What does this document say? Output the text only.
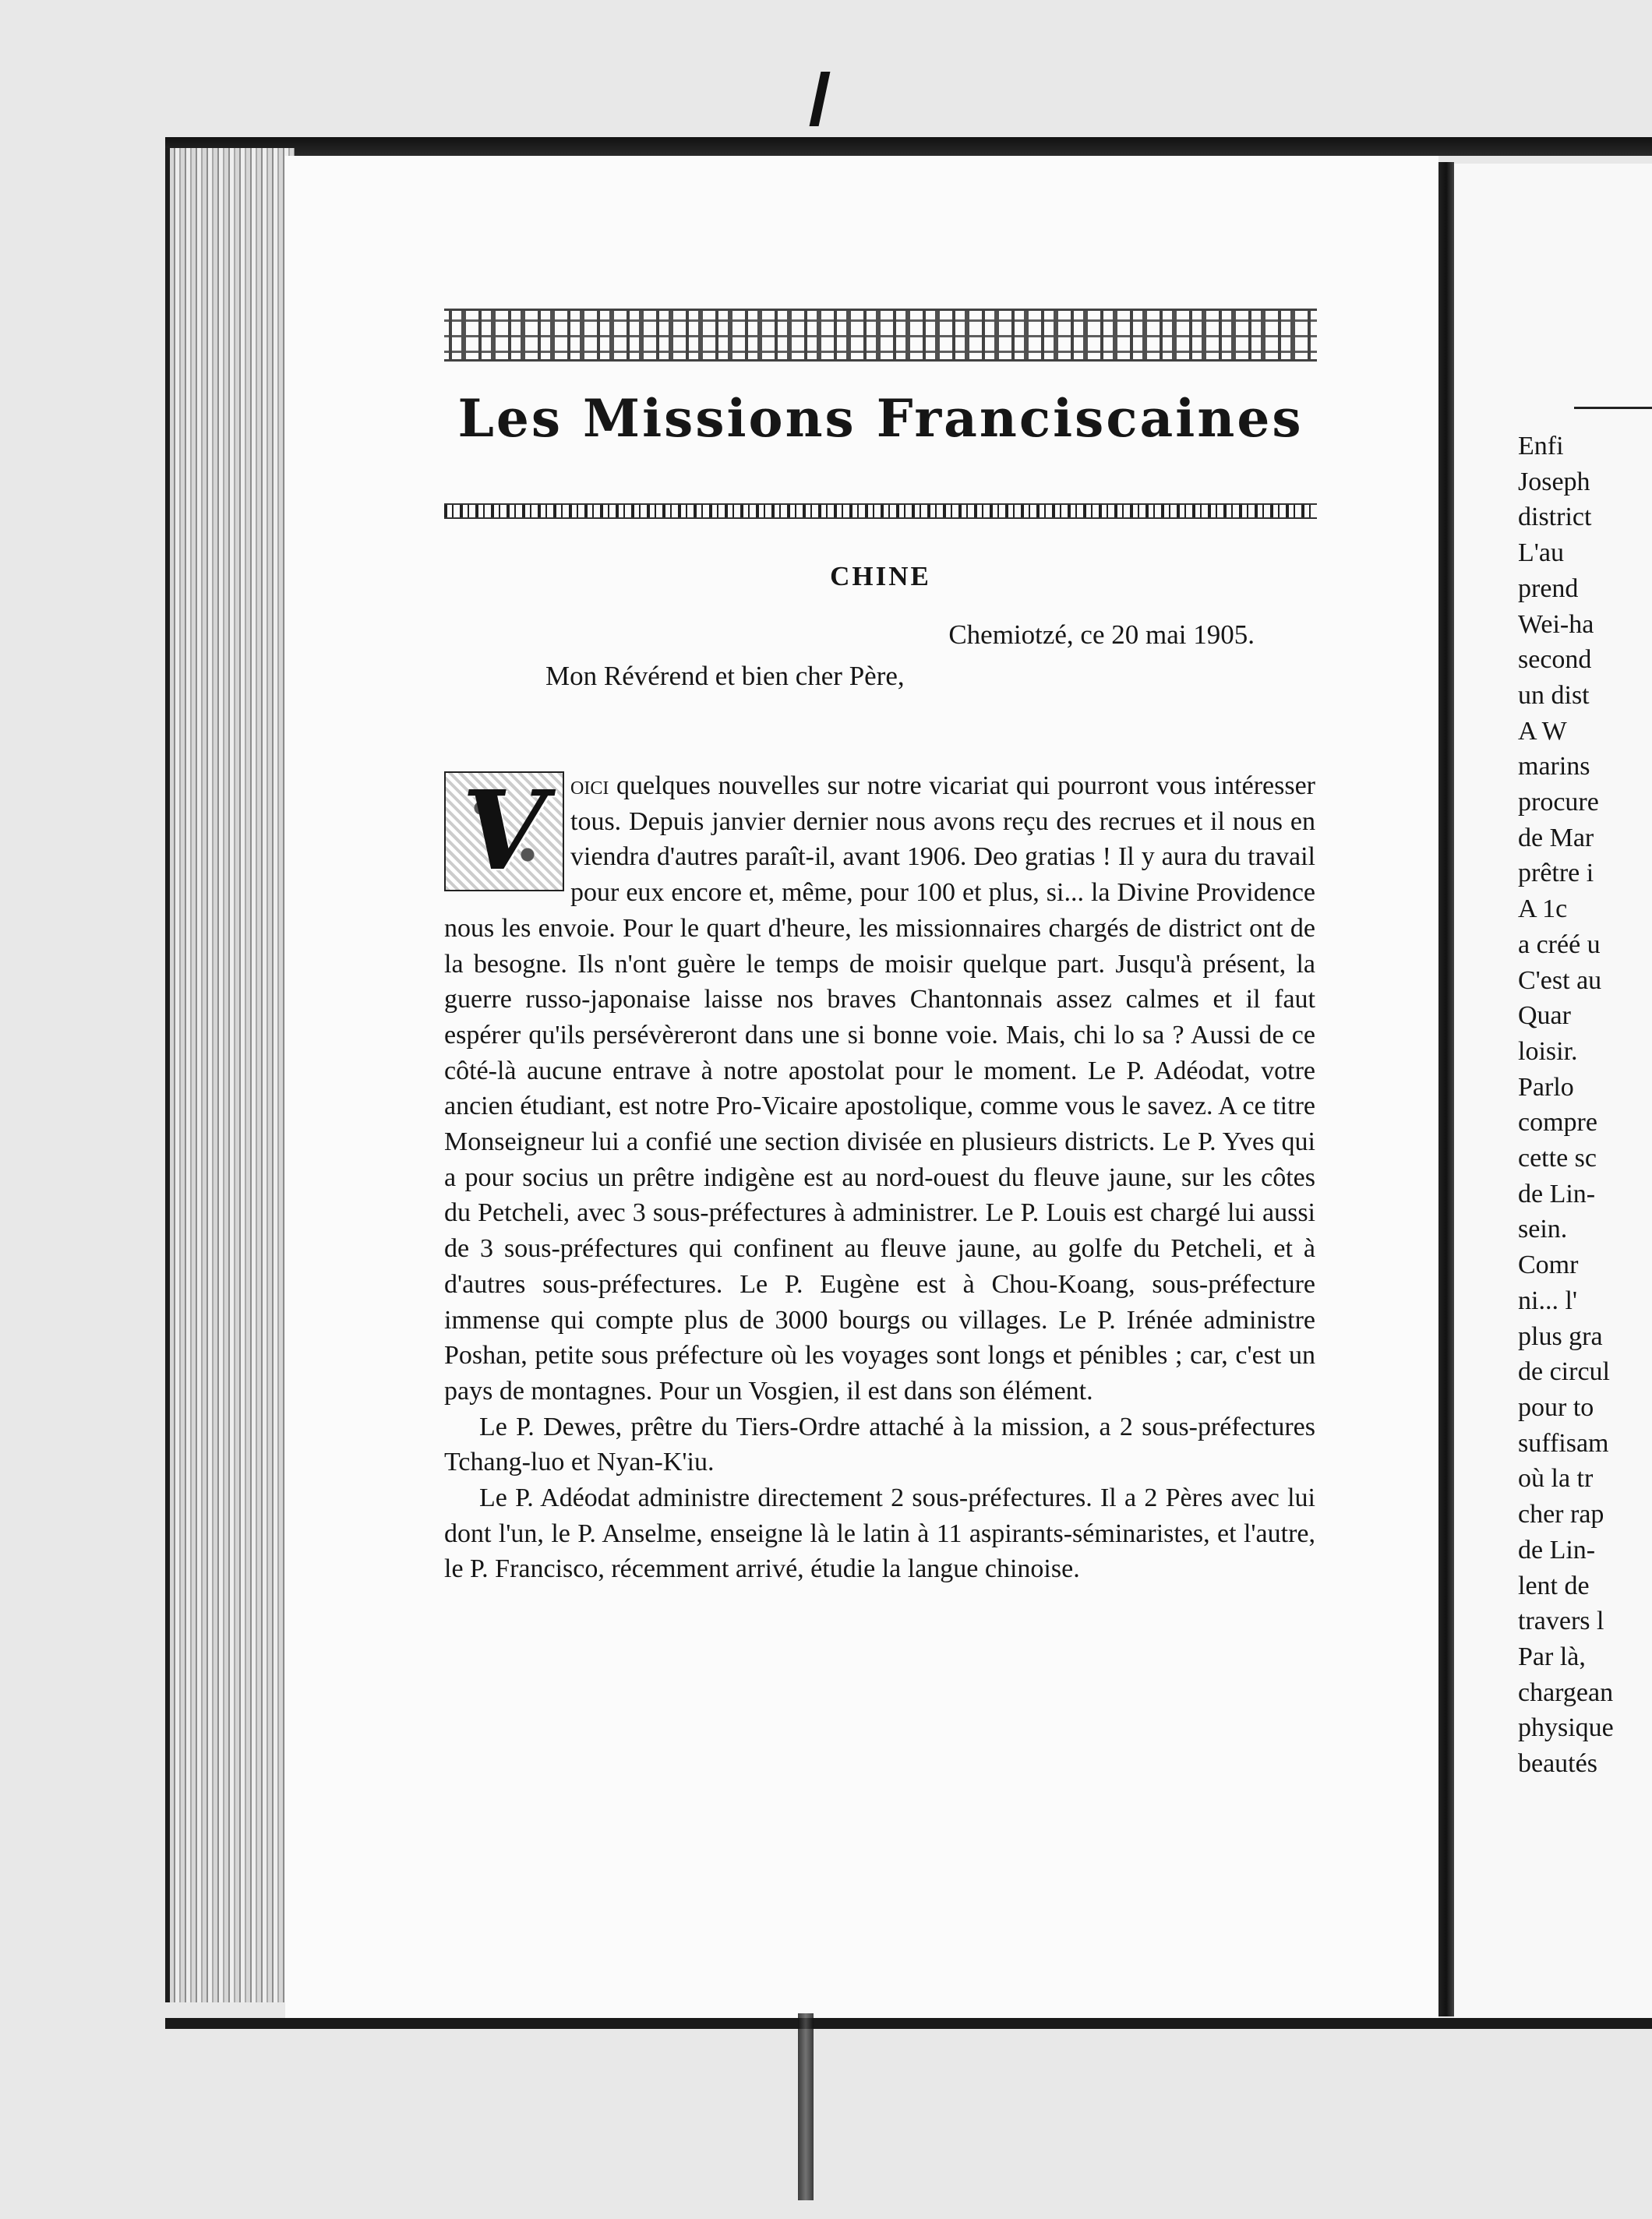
Les Missions Franciscaines
CHINE
Chemiotzé, ce 20 mai 1905.
Mon Révérend et bien cher Père,
V oici quelques nouvelles sur notre vicariat qui pourront vous intéresser tous. Depuis janvier dernier nous avons reçu des recrues et il nous en viendra d'autres paraît-il, avant 1906. Deo gratias ! Il y aura du travail pour eux encore et, même, pour 100 et plus, si... la Divine Providence nous les envoie. Pour le quart d'heure, les missionnaires chargés de district ont de la besogne. Ils n'ont guère le temps de moisir quelque part. Jusqu'à présent, la guerre russo-japonaise laisse nos braves Chantonnais assez calmes et il faut espérer qu'ils persévèreront dans une si bonne voie. Mais, chi lo sa ? Aussi de ce côté-là aucune entrave à notre apostolat pour le moment. Le P. Adéodat, votre ancien étudiant, est notre Pro-Vicaire apostolique, comme vous le savez. A ce titre Monseigneur lui a confié une section divisée en plusieurs districts. Le P. Yves qui a pour socius un prêtre indigène est au nord-ouest du fleuve jaune, sur les côtes du Petcheli, avec 3 sous-préfectures à administrer. Le P. Louis est chargé lui aussi de 3 sous-préfectures qui confinent au fleuve jaune, au golfe du Petcheli, et à d'autres sous-préfectures. Le P. Eugène est à Chou-Koang, sous-préfecture immense qui compte plus de 3000 bourgs ou villages. Le P. Irénée administre Poshan, petite sous préfecture où les voyages sont longs et pénibles ; car, c'est un pays de montagnes. Pour un Vosgien, il est dans son élément.

Le P. Dewes, prêtre du Tiers-Ordre attaché à la mission, a 2 sous-préfectures Tchang-luo et Nyan-K'iu.

Le P. Adéodat administre directement 2 sous-préfectures. Il a 2 Pères avec lui dont l'un, le P. Anselme, enseigne là le latin à 11 aspirants-séminaristes, et l'autre, le P. Francisco, récemment arrivé, étudie la langue chinoise.

Enfi
Joseph
district
L'au
prend
Wei-ha
second
un dist
A W
marins
procure
de Mar
prêtre i
A 1c
a créé u
C'est au
Quar
loisir.
Parlo
compre
cette sc
de Lin-
sein.
Comr
ni... l'
plus gra
de circul
pour to
suffisam
où la tr
cher rap
de Lin-
lent de
travers l
Par là,
chargean
physique
beautés
